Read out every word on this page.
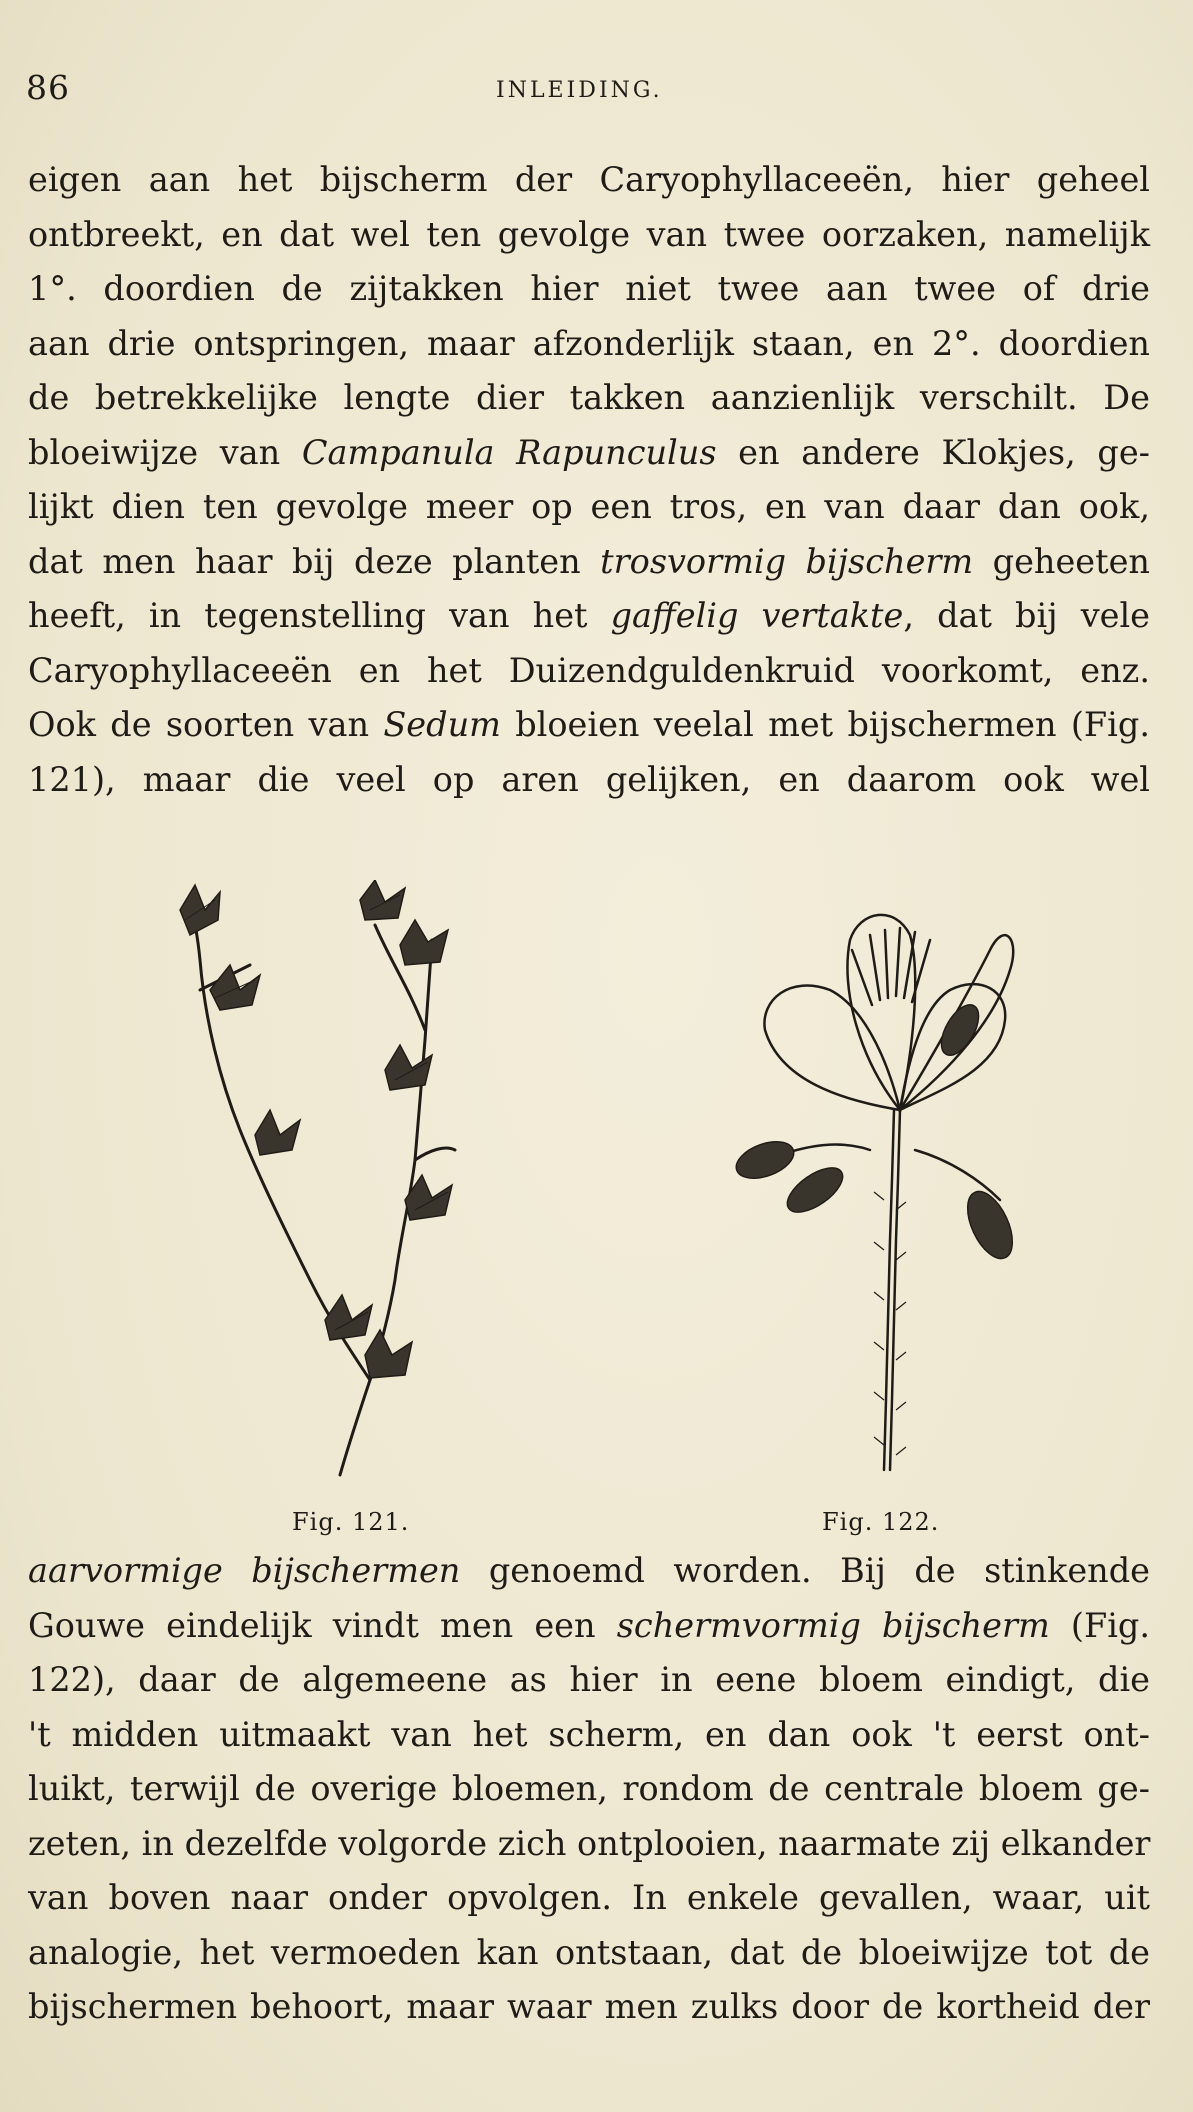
86	INLEIDING.
eigen aan het bijscherm der Caryophyllaceeën, hier geheel
ontbreekt, en dat wel ten gevolge van twee oorzaken, namelijk
1°. doordien de zijtakken hier niet twee aan twee of drie
aan drie ontspringen, maar afzonderlijk staan, en 2°. doordien
de betrekkelijke lengte dier takken aanzienlijk verschilt. De
bloeiwijze van Campanula Rapunculus en andere Klokjes, ge-
lijkt dien ten gevolge meer op een tros, en van daar dan ook,
dat men haar bij deze planten trosvormig bijscherm geheeten
heeft, in tegenstelling van het gaffelig vertakte, dat bij vele
Caryophyllaceeën en het Duizendguldenkruid voorkomt, enz.
Ook de soorten van Sedum bloeien veelal met bijschermen (Fig.
121), maar die veel op aren gelijken, en daarom ook wel
Fig. 121.	Fig. 122.
aarvormige bijschermen genoemd worden. Bij de stinkende
Gouwe eindelijk vindt men een schermvormig bijscherm (Fig.
122), daar de algemeene as hier in eene bloem eindigt, die
't midden uitmaakt van het scherm, en dan ook 't eerst ont-
luikt, terwijl de overige bloemen, rondom de centrale bloem ge-
zeten, in dezelfde volgorde zich ontplooien, naarmate zij elkander
van boven naar onder opvolgen. In enkele gevallen, waar, uit
analogie, het vermoeden kan ontstaan, dat de bloeiwijze tot de
bijschermen behoort, maar waar men zulks door de kortheid der
